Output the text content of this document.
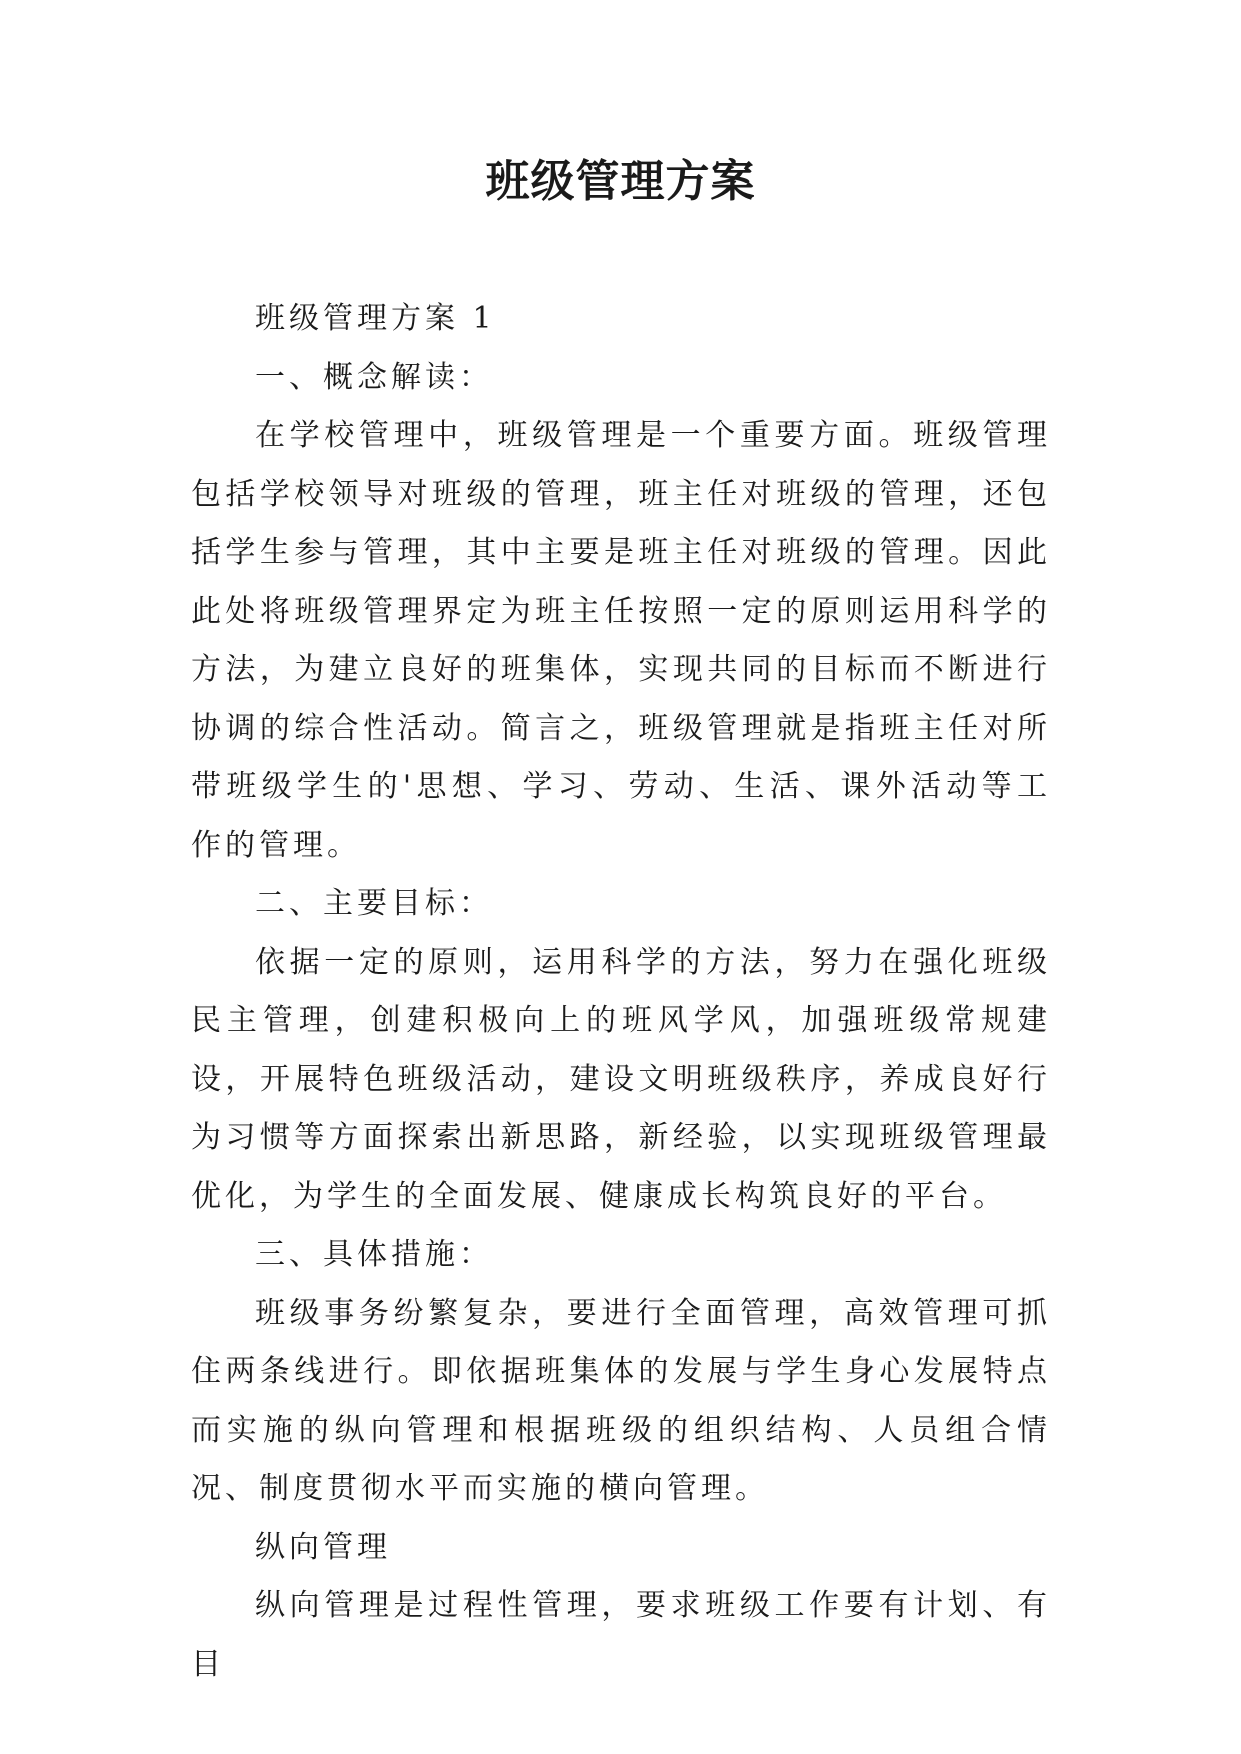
班级管理方案

班级管理方案 1

一、概念解读：

在学校管理中，班级管理是一个重要方面。班级管理包括学校领导对班级的管理，班主任对班级的管理，还包括学生参与管理，其中主要是班主任对班级的管理。因此此处将班级管理界定为班主任按照一定的原则运用科学的方法，为建立良好的班集体，实现共同的目标而不断进行协调的综合性活动。简言之，班级管理就是指班主任对所带班级学生的'思想、学习、劳动、生活、课外活动等工作的管理。

二、主要目标：

依据一定的原则，运用科学的方法，努力在强化班级民主管理，创建积极向上的班风学风，加强班级常规建设，开展特色班级活动，建设文明班级秩序，养成良好行为习惯等方面探索出新思路，新经验，以实现班级管理最优化，为学生的全面发展、健康成长构筑良好的平台。

三、具体措施：

班级事务纷繁复杂，要进行全面管理，高效管理可抓住两条线进行。即依据班集体的发展与学生身心发展特点而实施的纵向管理和根据班级的组织结构、人员组合情况、制度贯彻水平而实施的横向管理。

纵向管理

纵向管理是过程性管理，要求班级工作要有计划、有目
